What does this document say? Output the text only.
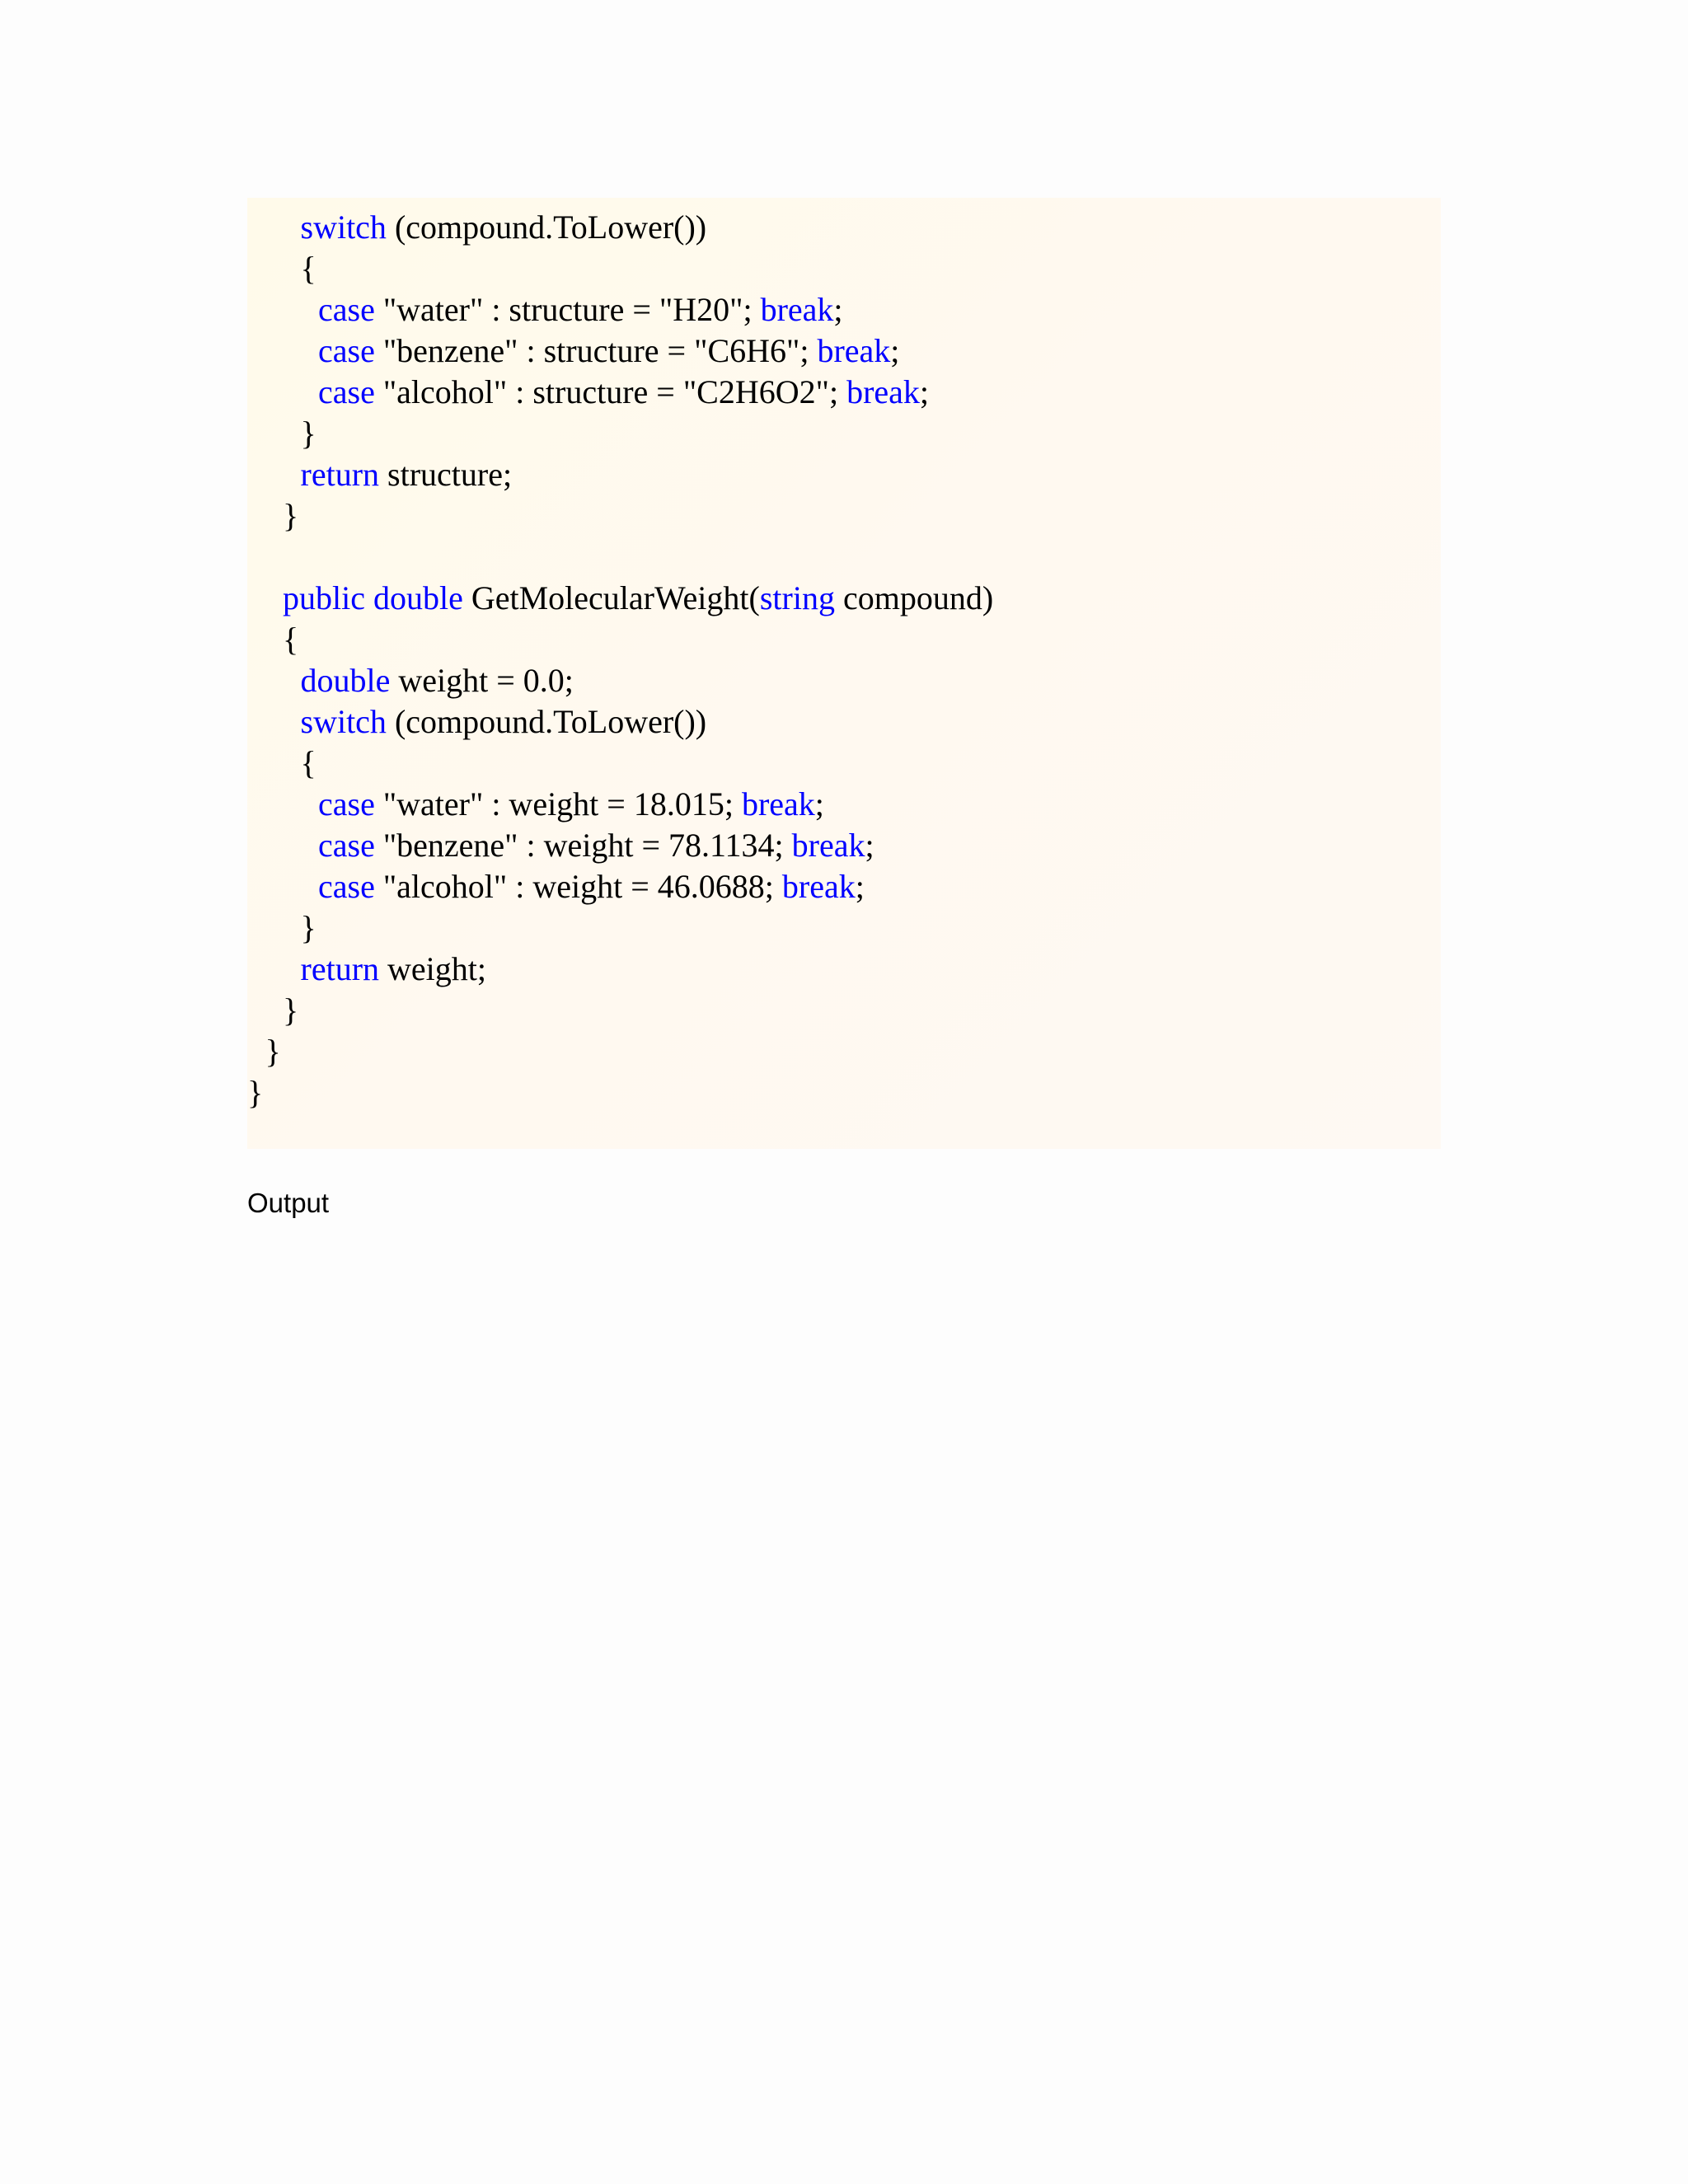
switch (compound.ToLower())
{
case "water" : structure = "H20"; break;
case "benzene" : structure = "C6H6"; break;
case "alcohol" : structure = "C2H6O2"; break;
}
return structure;
}
public double GetMolecularWeight(string compound)
{
double weight = 0.0;
switch (compound.ToLower())
{
case "water" : weight = 18.015; break;
case "benzene" : weight = 78.1134; break;
case "alcohol" : weight = 46.0688; break;
}
return weight;
}
}
}
Output
